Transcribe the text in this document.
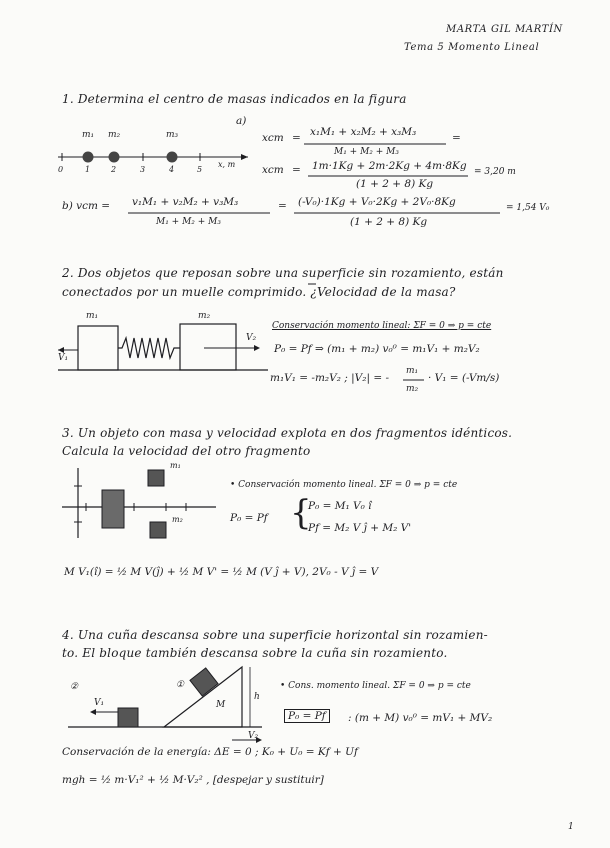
MARTA GIL MARTÍN
Tema 5 Momento Lineal
1. Determina el centro de masas indicados en la figura
m₁ m₂	m₃
0	1	2	3	4	5
x, m
a)
xcm = x₁M₁ + x₂M₂ + x₃M₃
M₁ + M₂ + M₃
=
xcm = 1m·1Kg + 2m·2Kg + 4m·8Kg
(1 + 2 + 8) Kg
= 3,20 m
b) vcm = v₁M₁ + v₂M₂ + v₃M₃
M₁ + M₂ + M₃
= (-V₀)·1Kg + V₀·2Kg + 2V₀·8Kg
(1 + 2 + 8) Kg
= 1,54 V₀
2. Dos objetos que reposan sobre una superficie sin rozamiento, están
conectados por un muelle comprimido. ¿Velocidad de la masa?
m₁	m₂
V₁
V₂
Conservación momento lineal: ΣF = 0 ⇒ p = cte
P₀ = Pf ⇒ (m₁ + m₂) v₀⁰ = m₁V₁ + m₂V₂
m₁V₁ = -m₂V₂ ; |V₂| = -
m₁
m₂
· V₁ = (-Vm/s)
3. Un objeto con masa y velocidad explota en dos fragmentos idénticos.
Calcula la velocidad del otro fragmento
m₁
m₂
• Conservación momento lineal. ΣF = 0 ⇒ p = cte
P₀ = Pf {
P₀ = M₁ V₀ î
Pf = M₂ V ĵ + M₂ V'
M V₁(î) = ½ M V(ĵ) + ½ M V' = ½ M (V ĵ + V), 2V₀ - V ĵ = V
4. Una cuña descansa sobre una superficie horizontal sin rozamien-
to. El bloque también descansa sobre la cuña sin rozamiento.
②	①
V₁
V₂
h
M
• Cons. momento lineal. ΣF = 0 ⇒ p = cte
P₀ = Pf	: (m + M) v₀⁰ = mV₁ + MV₂
Conservación de la energía: ΔE = 0 ; K₀ + U₀ = Kf + Uf
mgh = ½ m·V₁² + ½ M·V₂² , [despejar y sustituir]
1
